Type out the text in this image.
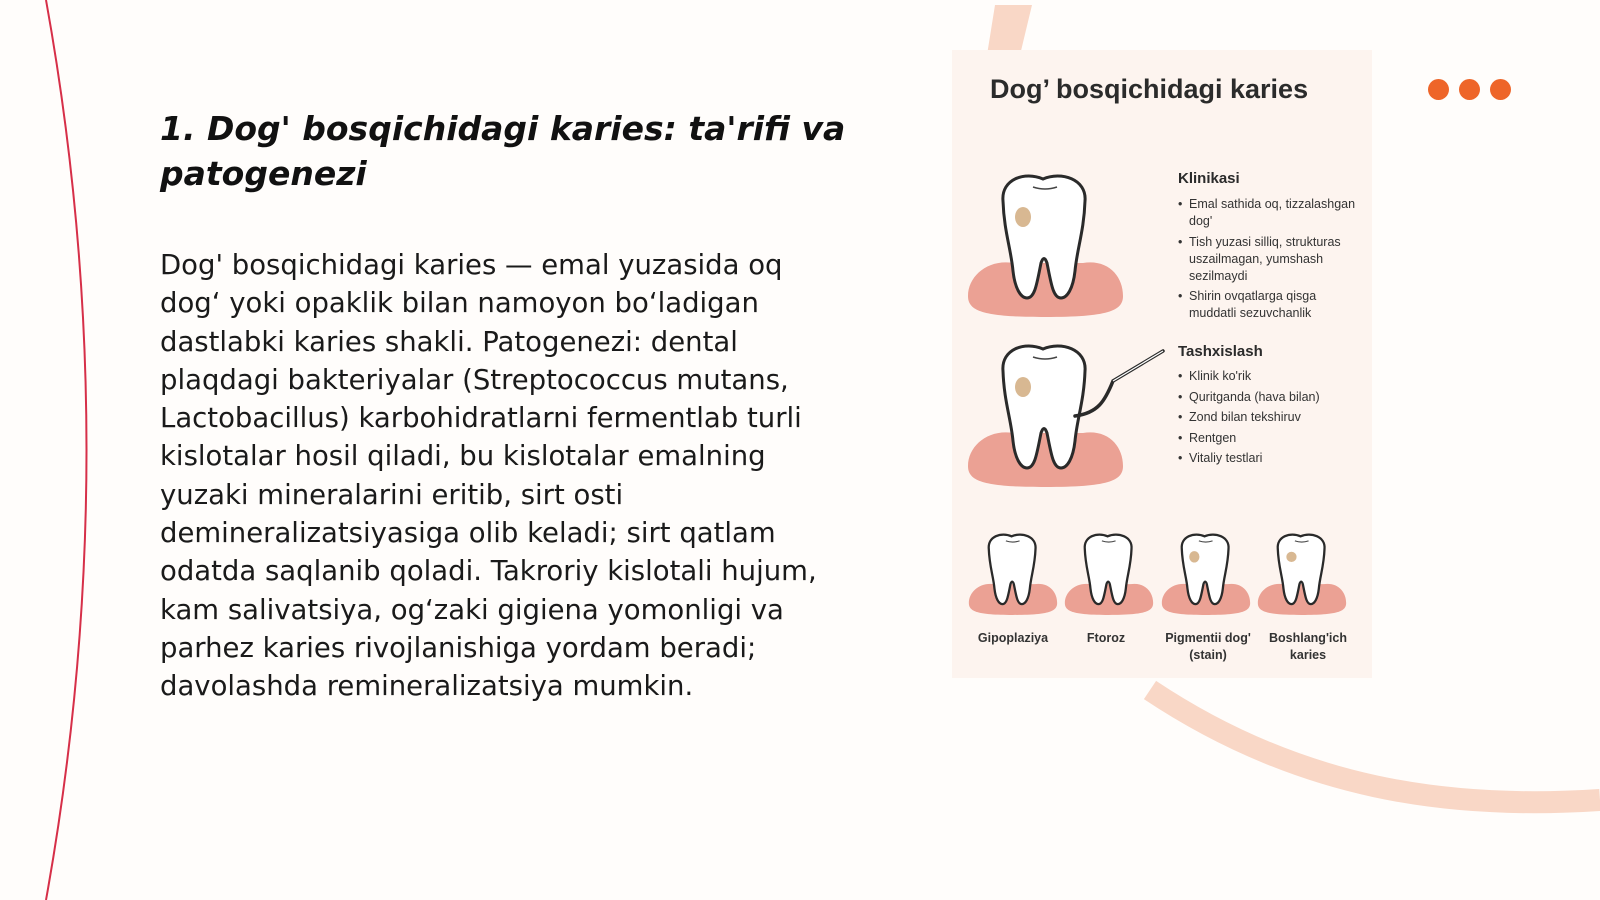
1. Dog' bosqichidagi karies: ta'rifi va patogenezi

Dog' bosqichidagi karies — emal yuzasida oq dog‘ yoki opaklik bilan namoyon bo‘ladigan dastlabki karies shakli. Patogenezi: dental plaqdagi bakteriyalar (Streptococcus mutans, Lactobacillus) karbohidratlarni fermentlab turli kislotalar hosil qiladi, bu kislotalar emalning yuzaki mineralarini eritib, sirt osti demineralizatsiyasiga olib keladi; sirt qatlam odatda saqlanib qoladi. Takroriy kislotali hujum, kam salivatsiya, og‘zaki gigiena yomonligi va parhez karies rivojlanishiga yordam beradi; davolashda remineralizatsiya mumkin.

Dog’ bosqichidagi karies
Klinikasi
• Emal sathida oq, tizzalashgan dog'
• Tish yuzasi silliq, strukturas uszailmagan, yumshash sezilmaydi
• Shirin ovqatlarga qisga muddatli sezuvchanlik
Tashxislash
• Klinik ko'rik
• Quritganda (hava bilan)
• Zond bilan tekshiruv
• Rentgen
• Vitaliy testlari
Gipoplaziya	Ftoroz	Pigmentii dog'
(stain)
Boshlang'ich
karies
